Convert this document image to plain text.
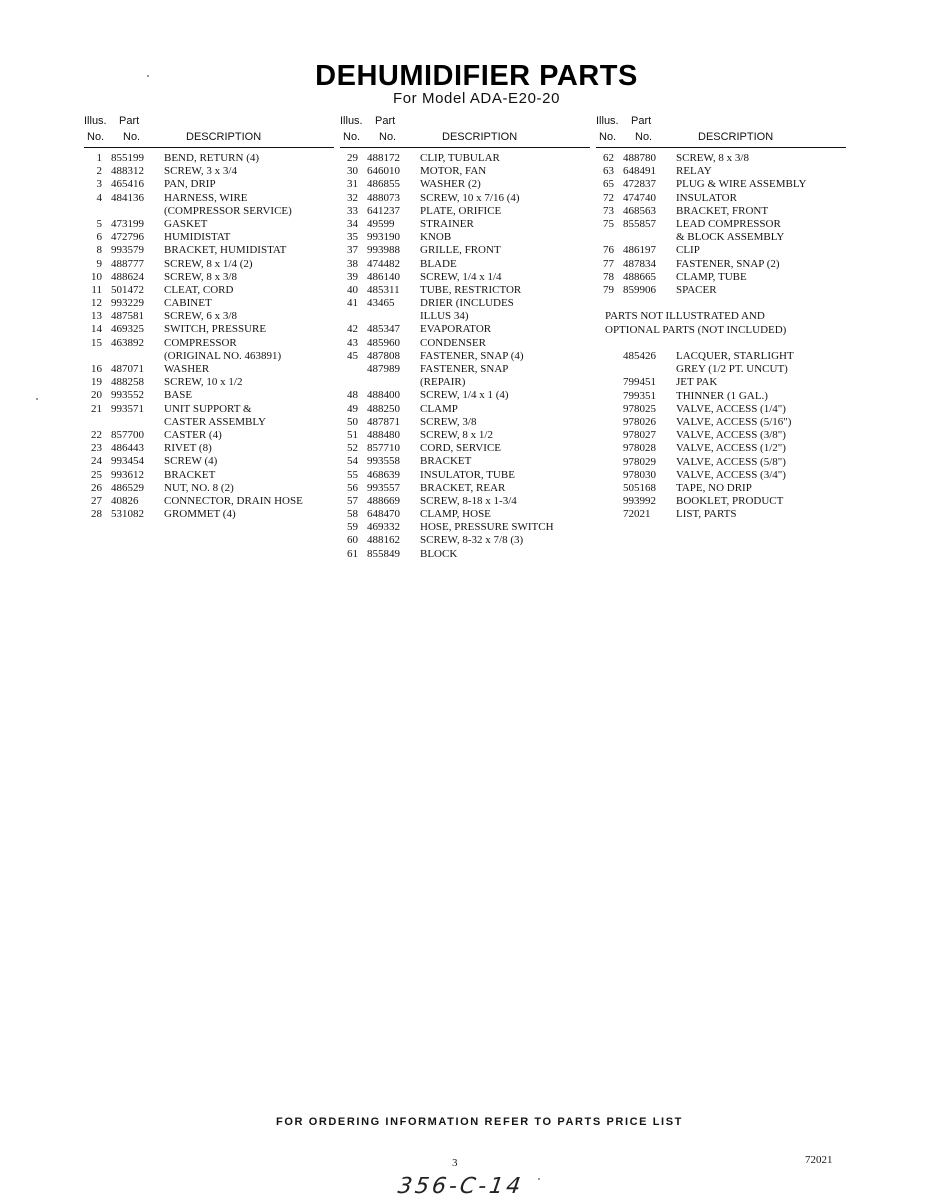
DEHUMIDIFIER PARTS
For Model ADA-E20-20
Illus. Part
No. No.	DESCRIPTION
1 855199 BEND, RETURN (4)
2 488312 SCREW, 3 x 3/4
3 465416 PAN, DRIP
4 484136 HARNESS, WIRE
(COMPRESSOR SERVICE)
5 473199 GASKET
6 472796 HUMIDISTAT
8 993579 BRACKET, HUMIDISTAT
9 488777 SCREW, 8 x 1/4 (2)
10 488624 SCREW, 8 x 3/8
11 501472 CLEAT, CORD
12 993229 CABINET
13 487581 SCREW, 6 x 3/8
14 469325 SWITCH, PRESSURE
15 463892 COMPRESSOR
(ORIGINAL NO. 463891)
16 487071 WASHER
19 488258 SCREW, 10 x 1/2
20 993552 BASE
21 993571 UNIT SUPPORT &
CASTER ASSEMBLY
22 857700 CASTER (4)
23 486443 RIVET (8)
24 993454 SCREW (4)
25 993612 BRACKET
26 486529 NUT, NO. 8 (2)
27 40826 CONNECTOR, DRAIN HOSE
28 531082 GROMMET (4)
Illus. Part
No. No.	DESCRIPTION
29 488172 CLIP, TUBULAR
30 646010 MOTOR, FAN
31 486855 WASHER (2)
32 488073 SCREW, 10 x 7/16 (4)
33 641237 PLATE, ORIFICE
34 49599 STRAINER
35 993190 KNOB
37 993988 GRILLE, FRONT
38 474482 BLADE
39 486140 SCREW, 1/4 x 1/4
40 485311 TUBE, RESTRICTOR
41 43465 DRIER (INCLUDES
ILLUS 34)
42 485347 EVAPORATOR
43 485960 CONDENSER
45 487808 FASTENER, SNAP (4)
487989 FASTENER, SNAP
(REPAIR)
48 488400 SCREW, 1/4 x 1 (4)
49 488250 CLAMP
50 487871 SCREW, 3/8
51 488480 SCREW, 8 x 1/2
52 857710 CORD, SERVICE
54 993558 BRACKET
55 468639 INSULATOR, TUBE
56 993557 BRACKET, REAR
57 488669 SCREW, 8-18 x 1-3/4
58 648470 CLAMP, HOSE
59 469332 HOSE, PRESSURE SWITCH
60 488162 SCREW, 8-32 x 7/8 (3)
61 855849 BLOCK
Illus. Part
No. No.	DESCRIPTION
62 488780 SCREW, 8 x 3/8
63 648491 RELAY
65 472837 PLUG & WIRE ASSEMBLY
72 474740 INSULATOR
73 468563 BRACKET, FRONT
75 855857 LEAD COMPRESSOR
& BLOCK ASSEMBLY
76 486197 CLIP
77 487834 FASTENER, SNAP (2)
78 488665 CLAMP, TUBE
79 859906 SPACER
PARTS NOT ILLUSTRATED AND
OPTIONAL PARTS (NOT INCLUDED)
485426 LACQUER, STARLIGHT
GREY (1/2 PT. UNCUT)
799451 JET PAK
799351 THINNER (1 GAL.)
978025 VALVE, ACCESS (1/4")
978026 VALVE, ACCESS (5/16")
978027 VALVE, ACCESS (3/8")
978028 VALVE, ACCESS (1/2")
978029 VALVE, ACCESS (5/8")
978030 VALVE, ACCESS (3/4")
505168 TAPE, NO DRIP
993992 BOOKLET, PRODUCT
72021 LIST, PARTS
FOR ORDERING INFORMATION REFER TO PARTS PRICE LIST
3	72021
356-C-14
